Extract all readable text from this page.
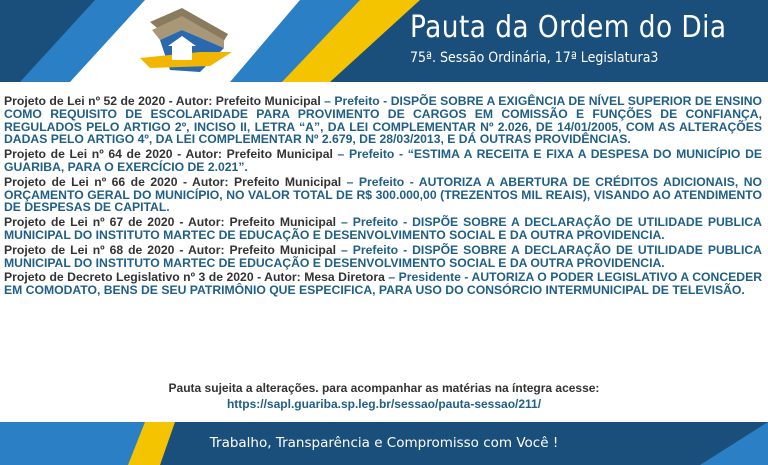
Pauta da Ordem do Dia
75ª. Sessão Ordinária, 17ª Legislatura3

Projeto de Lei nº 52 de 2020 - Autor: Prefeito Municipal – Prefeito - DISPÕE SOBRE A EXIGÊNCIA DE NÍVEL SUPERIOR DE ENSINO COMO REQUISITO DE ESCOLARIDADE PARA PROVIMENTO DE CARGOS EM COMISSÃO E FUNÇÕES DE CONFIANÇA, REGULADOS PELO ARTIGO 2º, INCISO II, LETRA “A”, DA LEI COMPLEMENTAR Nº 2.026, DE 14/01/2005, COM AS ALTERAÇÕES DADAS PELO ARTIGO 4º, DA LEI COMPLEMENTAR Nº 2.679, DE 28/03/2013, E DÁ OUTRAS PROVIDÊNCIAS.

Projeto de Lei nº 64 de 2020 - Autor: Prefeito Municipal – Prefeito - “ESTIMA A RECEITA E FIXA A DESPESA DO MUNICÍPIO DE GUARIBA, PARA O EXERCÍCIO DE 2.021”.

Projeto de Lei nº 66 de 2020 - Autor: Prefeito Municipal – Prefeito - AUTORIZA A ABERTURA DE CRÉDITOS ADICIONAIS, NO ORÇAMENTO GERAL DO MUNICÍPIO, NO VALOR TOTAL DE R$ 300.000,00 (TREZENTOS MIL REAIS), VISANDO AO ATENDIMENTO DE DESPESAS DE CAPITAL.

Projeto de Lei nº 67 de 2020 - Autor: Prefeito Municipal – Prefeito - DISPÕE SOBRE A DECLARAÇÃO DE UTILIDADE PUBLICA MUNICIPAL DO INSTITUTO MARTEC DE EDUCAÇÃO E DESENVOLVIMENTO SOCIAL E DA OUTRA PROVIDENCIA.

Projeto de Lei nº 68 de 2020 - Autor: Prefeito Municipal – Prefeito - DISPÕE SOBRE A DECLARAÇÃO DE UTILIDADE PUBLICA MUNICIPAL DO INSTITUTO MARTEC DE EDUCAÇÃO E DESENVOLVIMENTO SOCIAL E DA OUTRA PROVIDENCIA.

Projeto de Decreto Legislativo nº 3 de 2020 - Autor: Mesa Diretora – Presidente - AUTORIZA O PODER LEGISLATIVO A CONCEDER EM COMODATO, BENS DE SEU PATRIMÔNIO QUE ESPECIFICA, PARA USO DO CONSÓRCIO INTERMUNICIPAL DE TELEVISÃO.

Pauta sujeita a alterações. para acompanhar as matérias na íntegra acesse:
https://sapl.guariba.sp.leg.br/sessao/pauta-sessao/211/
Trabalho, Transparência e Compromisso com Você !
